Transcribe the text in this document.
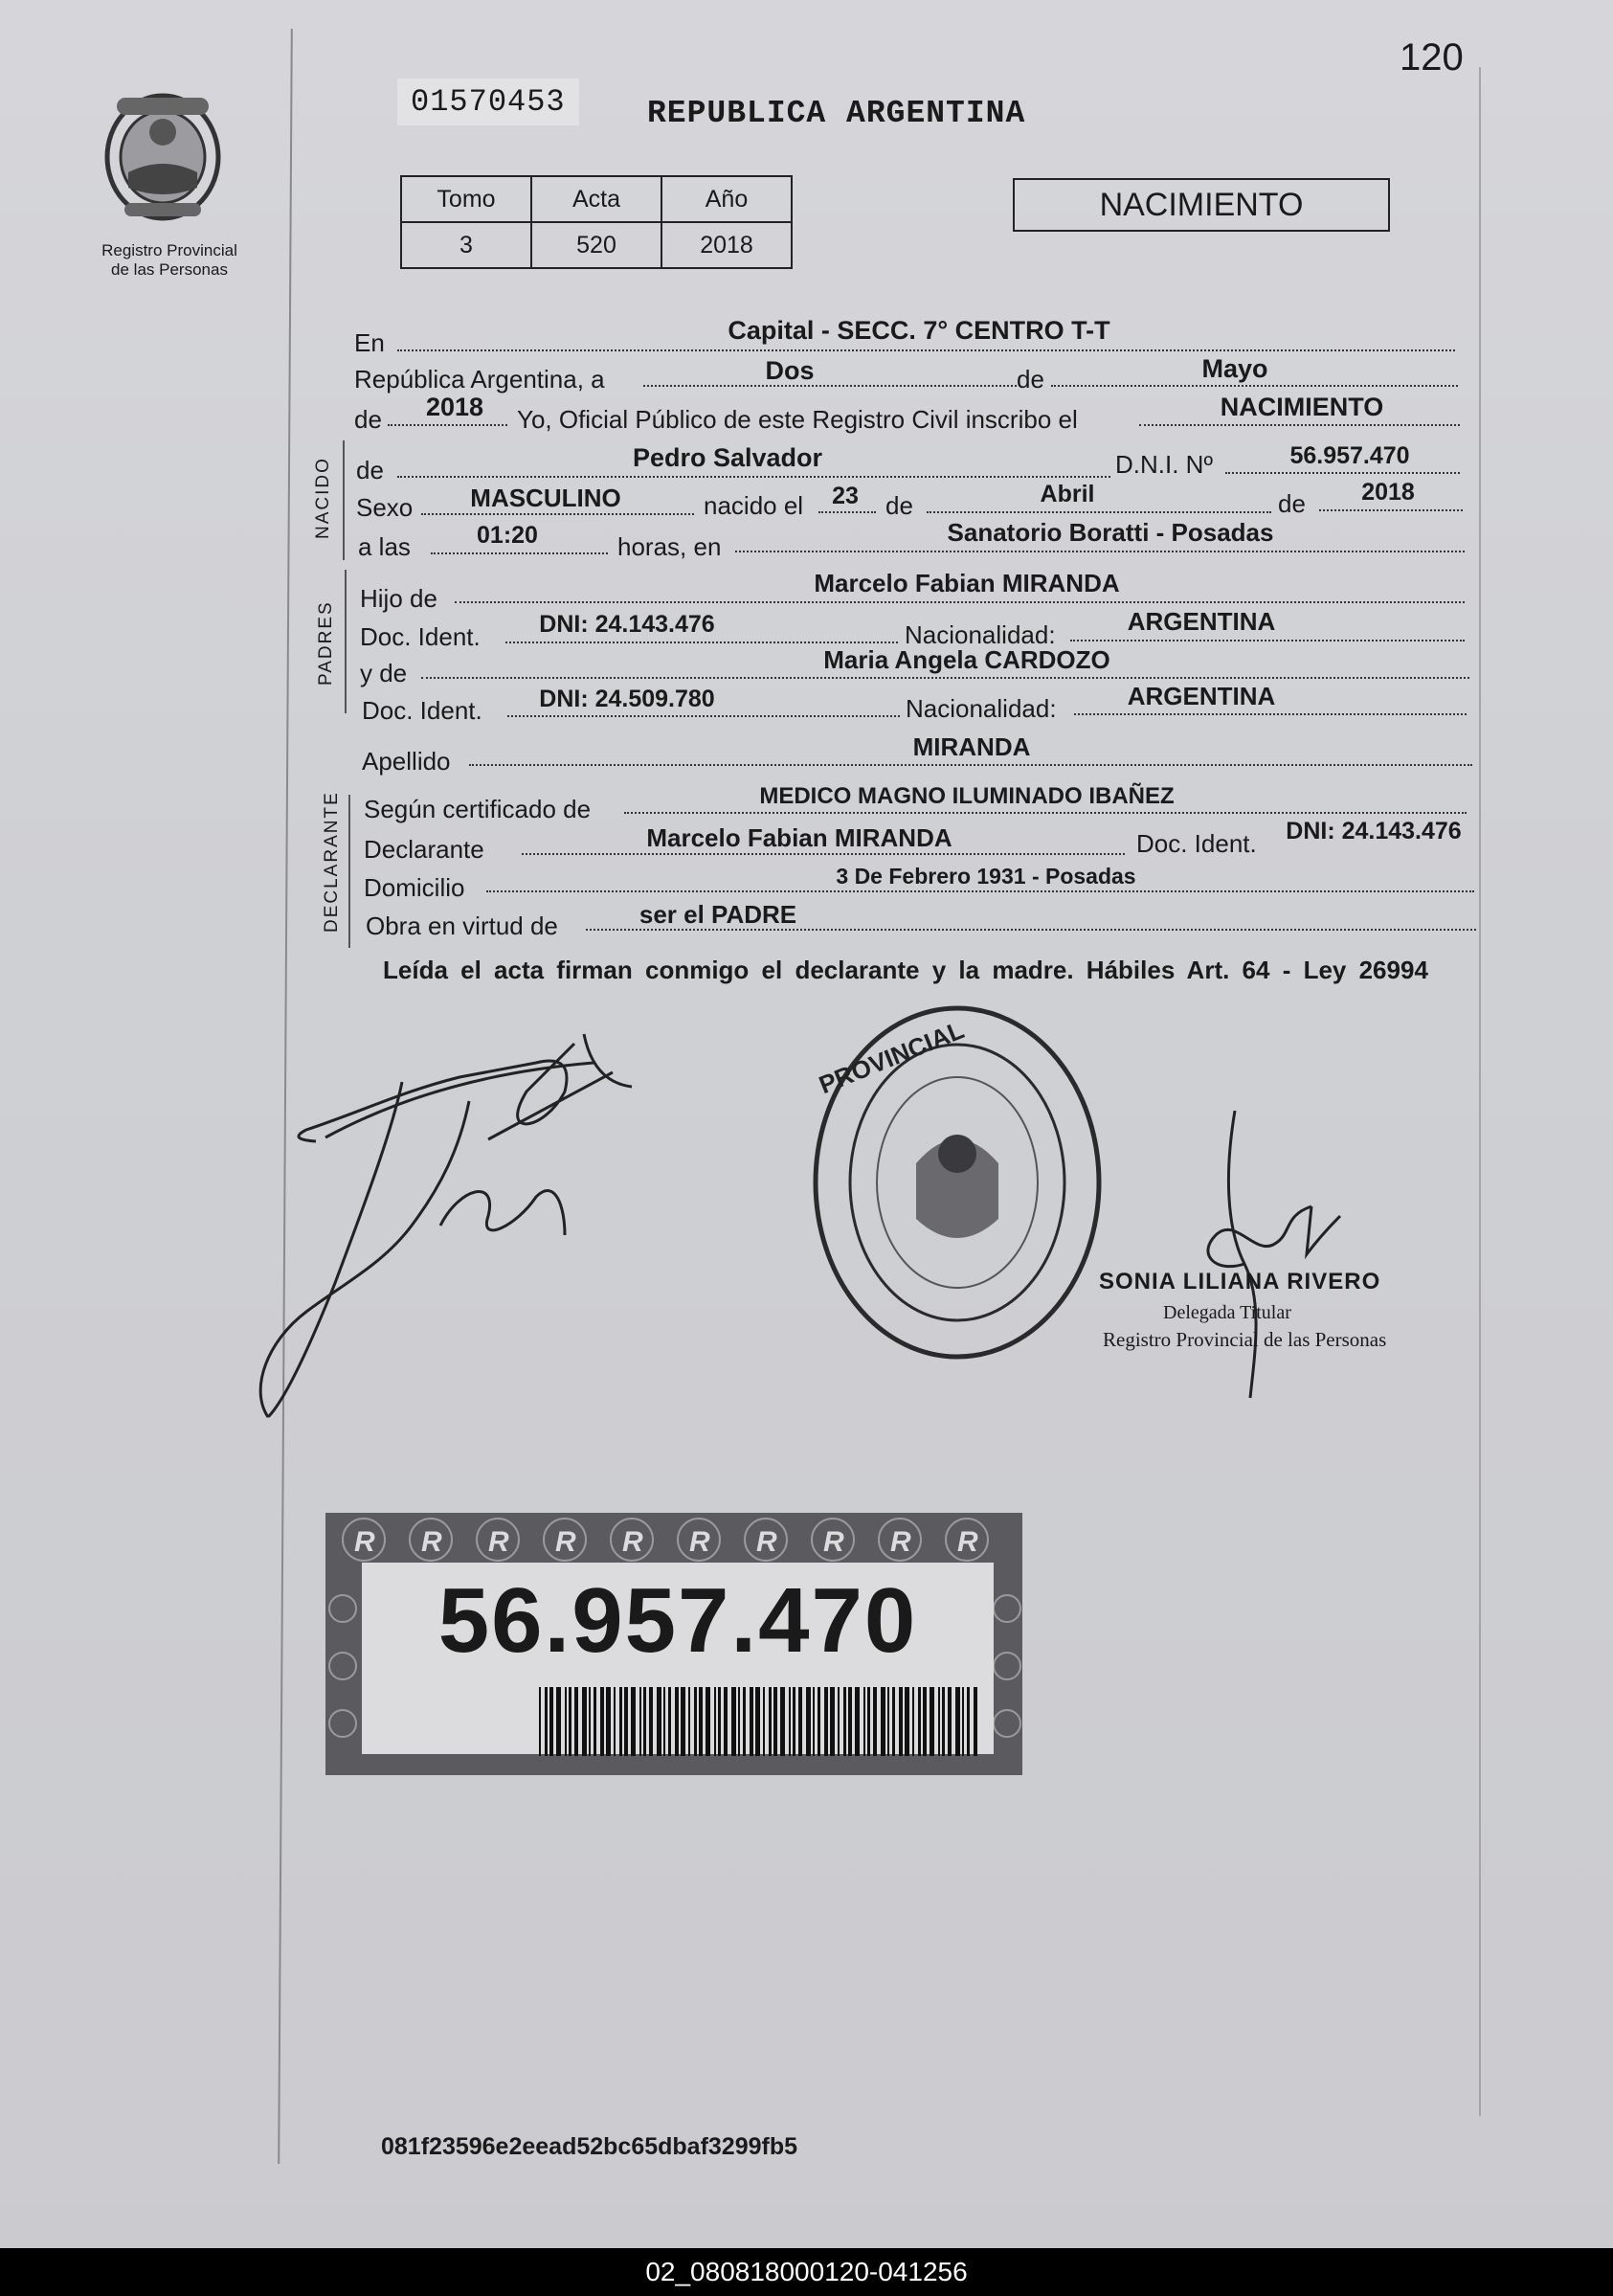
120
Registro Provincial
de las Personas
01570453	REPUBLICA ARGENTINA
Tomo	Acta	Año
3	520	2018
NACIMIENTO
En	Capital - SECC. 7° CENTRO T-T
República Argentina, a	Dos	de	Mayo
de	2018	Yo, Oficial Público de este Registro Civil inscribo el	NACIMIENTO
NACIDO de	Pedro Salvador	D.N.I. Nº	56.957.470
Sexo	MASCULINO	nacido el	23	de	Abril	de	2018
a las	01:20	horas, en	Sanatorio Boratti - Posadas
PADRES
Hijo de
Marcelo Fabian MIRANDA
Doc. Ident.	DNI: 24.143.476	Nacionalidad:	ARGENTINA
y de	Maria Angela CARDOZO
Doc. Ident.	DNI: 24.509.780	Nacionalidad:	ARGENTINA
Apellido	MIRANDA
DECLARANTE Según certificado de	MEDICO MAGNO ILUMINADO IBAÑEZ
Declarante	Marcelo Fabian MIRANDA	Doc. Ident.	DNI: 24.143.476
Domicilio	3 De Febrero 1931 - Posadas
Obra en virtud de	ser el PADRE
Leída el acta firman conmigo el declarante y la madre. Hábiles Art. 64 - Ley 26994
PROVINCIAL
SONIA LILIANA RIVERO
Delegada Titular
Registro Provincial de las Personas
R R R R R R R R R R
56.957.470
081f23596e2eead52bc65dbaf3299fb5
02_080818000120-041256
